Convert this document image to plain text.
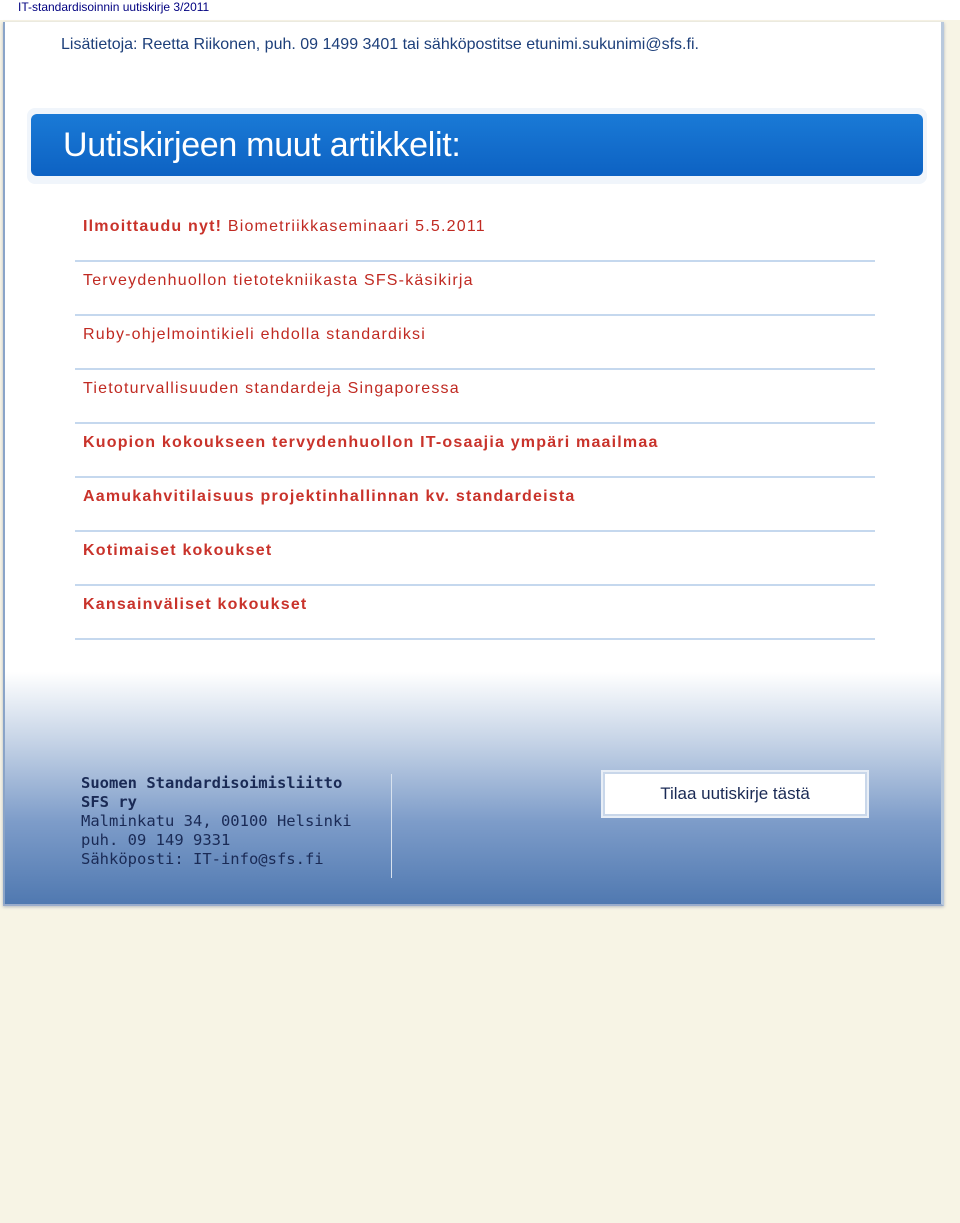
IT-standardisoinnin uutiskirje 3/2011
Lisätietoja: Reetta Riikonen, puh. 09 1499 3401 tai sähköpostitse etunimi.sukunimi@sfs.fi.
Uutiskirjeen muut artikkelit:
Ilmoittaudu nyt! Biometriikkaseminaari 5.5.2011
Terveydenhuollon tietotekniikasta SFS-käsikirja
Ruby-ohjelmointikieli ehdolla standardiksi
Tietoturvallisuuden standardeja Singaporessa
Kuopion kokoukseen tervydenhuollon IT-osaajia ympäri maailmaa
Aamukahvitilaisuus projektinhallinnan kv. standardeista
Kotimaiset kokoukset
Kansainväliset kokoukset
Suomen Standardisoimisliitto
SFS ry
Malminkatu 34, 00100 Helsinki
puh. 09 149 9331
Sähköposti: IT-info@sfs.fi
Tilaa uutiskirje tästä
